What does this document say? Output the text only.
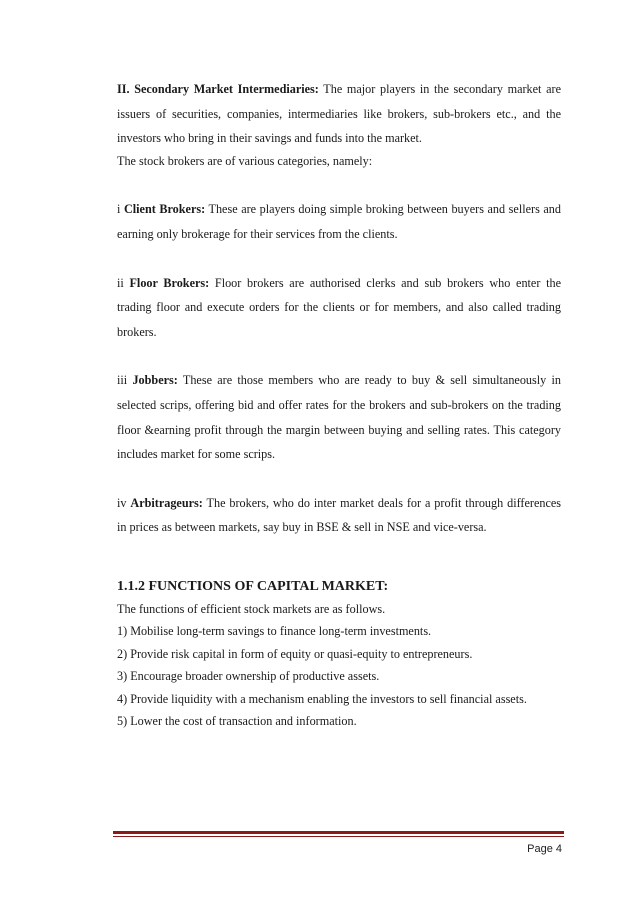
II. Secondary Market Intermediaries: The major players in the secondary market are issuers of securities, companies, intermediaries like brokers, sub-brokers etc., and the investors who bring in their savings and funds into the market.

The stock brokers are of various categories, namely:

i Client Brokers: These are players doing simple broking between buyers and sellers and earning only brokerage for their services from the clients.

ii Floor Brokers: Floor brokers are authorised clerks and sub brokers who enter the trading floor and execute orders for the clients or for members, and also called trading brokers.

iii Jobbers: These are those members who are ready to buy & sell simultaneously in selected scrips, offering bid and offer rates for the brokers and sub-brokers on the trading floor &earning profit through the margin between buying and selling rates. This category includes market for some scrips.

iv Arbitrageurs: The brokers, who do inter market deals for a profit through differences in prices as between markets, say buy in BSE & sell in NSE and vice-versa.

1.1.2 FUNCTIONS OF CAPITAL MARKET:

The functions of efficient stock markets are as follows.

1) Mobilise long-term savings to finance long-term investments.

2) Provide risk capital in form of equity or quasi-equity to entrepreneurs.

3) Encourage broader ownership of productive assets.

4) Provide liquidity with a mechanism enabling the investors to sell financial assets.

5) Lower the cost of transaction and information.

Page 4
